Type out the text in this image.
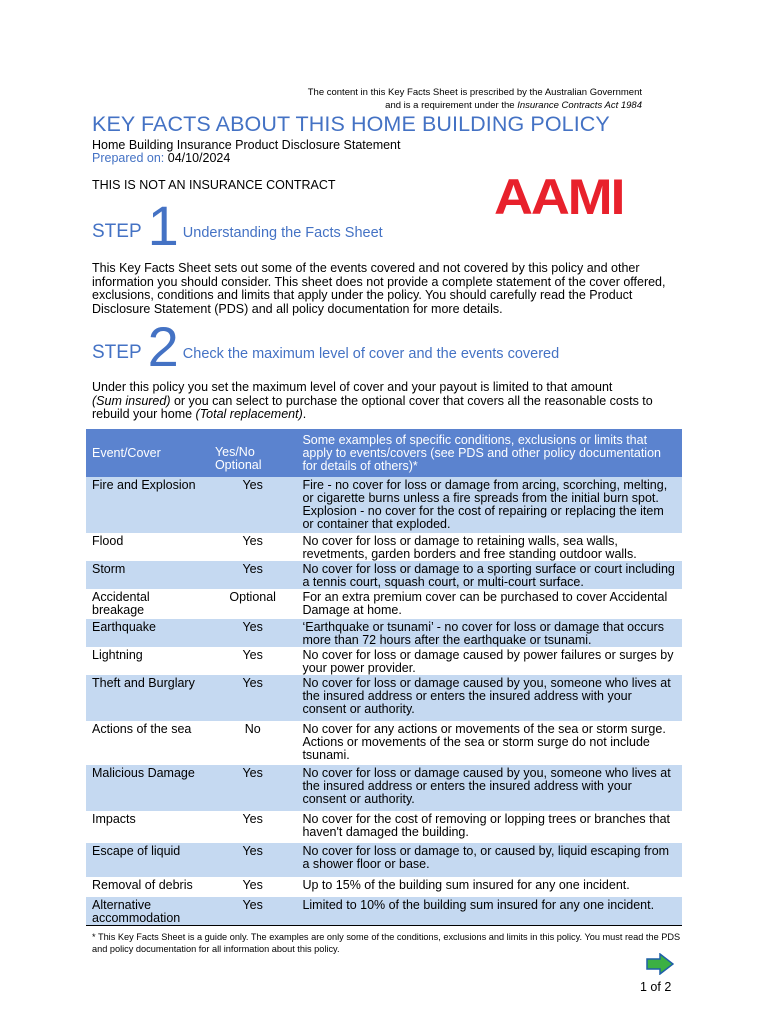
The content in this Key Facts Sheet is prescribed by the Australian Government
and is a requirement under the Insurance Contracts Act 1984
KEY FACTS ABOUT THIS HOME BUILDING POLICY
Home Building Insurance Product Disclosure Statement
Prepared on: 04/10/2024
THIS IS NOT AN INSURANCE CONTRACT	AAMI
STEP 1 Understanding the Facts Sheet
This Key Facts Sheet sets out some of the events covered and not covered by this policy and other information you should consider. This sheet does not provide a complete statement of the cover offered, exclusions, conditions and limits that apply under the policy. You should carefully read the Product Disclosure Statement (PDS) and all policy documentation for more details.
STEP 2 Check the maximum level of cover and the events covered
Under this policy you set the maximum level of cover and your payout is limited to that amount
(Sum insured) or you can select to purchase the optional cover that covers all the reasonable costs to rebuild your home (Total replacement).
Event/Cover	Yes/No Optional	Some examples of specific conditions, exclusions or limits that apply to events/covers (see PDS and other policy documentation for details of others)*
Fire and Explosion	Yes	Fire - no cover for loss or damage from arcing, scorching, melting, or cigarette burns unless a fire spreads from the initial burn spot. Explosion - no cover for the cost of repairing or replacing the item or container that exploded.
Flood	Yes	No cover for loss or damage to retaining walls, sea walls, revetments, garden borders and free standing outdoor walls.
Storm	Yes	No cover for loss or damage to a sporting surface or court including a tennis court, squash court, or multi-court surface.
Accidental breakage	Optional	For an extra premium cover can be purchased to cover Accidental Damage at home.
Earthquake	Yes	‘Earthquake or tsunami’ - no cover for loss or damage that occurs more than 72 hours after the earthquake or tsunami.
Lightning	Yes	No cover for loss or damage caused by power failures or surges by your power provider.
Theft and Burglary	Yes	No cover for loss or damage caused by you, someone who lives at the insured address or enters the insured address with your consent or authority.
Actions of the sea	No	No cover for any actions or movements of the sea or storm surge. Actions or movements of the sea or storm surge do not include tsunami.
Malicious Damage	Yes	No cover for loss or damage caused by you, someone who lives at the insured address or enters the insured address with your consent or authority.
Impacts	Yes	No cover for the cost of removing or lopping trees or branches that haven't damaged the building.
Escape of liquid	Yes	No cover for loss or damage to, or caused by, liquid escaping from a shower floor or base.
Removal of debris	Yes	Up to 15% of the building sum insured for any one incident.
Alternative accommodation	Yes	Limited to 10% of the building sum insured for any one incident.
* This Key Facts Sheet is a guide only. The examples are only some of the conditions, exclusions and limits in this policy. You must read the PDS and policy documentation for all information about this policy.
1 of 2
